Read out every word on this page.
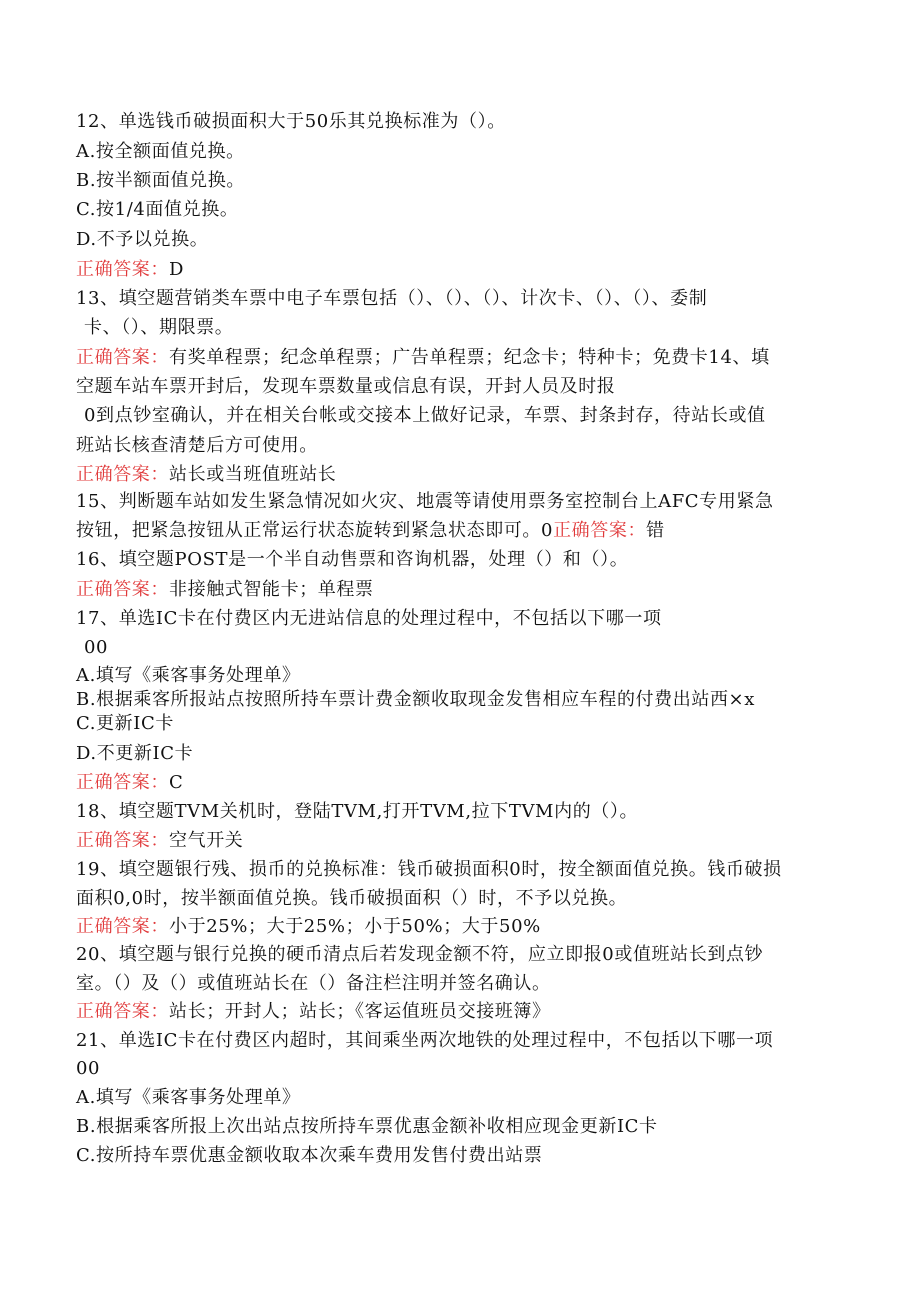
12、单选钱币破损面积大于50乐其兑换标准为（）。
A.按全额面值兑换。
B.按半额面值兑换。
C.按1/4面值兑换。
D.不予以兑换。
正确答案：D
13、填空题营销类车票中电子车票包括（）、（）、（）、计次卡、（）、（）、委制
卡、（）、期限票。
正确答案：有奖单程票；纪念单程票；广告单程票；纪念卡；特种卡；免费卡14、填
空题车站车票开封后，发现车票数量或信息有误，开封人员及时报
0到点钞室确认，并在相关台帐或交接本上做好记录，车票、封条封存，待站长或值
班站长核查清楚后方可使用。
正确答案：站长或当班值班站长
15、判断题车站如发生紧急情况如火灾、地震等请使用票务室控制台上AFC专用紧急
按钮，把紧急按钮从正常运行状态旋转到紧急状态即可。0正确答案：错
16、填空题POST是一个半自动售票和咨询机器，处理（）和（）。
正确答案：非接触式智能卡；单程票
17、单选IC卡在付费区内无进站信息的处理过程中，不包括以下哪一项
00
A.填写《乘客事务处理单》
B.根据乘客所报站点按照所持车票计费金额收取现金发售相应车程的付费出站西×x
C.更新IC卡
D.不更新IC卡
正确答案：C
18、填空题TVM关机时，登陆TVM,打开TVM,拉下TVM内的（）。
正确答案：空气开关
19、填空题银行残、损币的兑换标准：钱币破损面积0时，按全额面值兑换。钱币破损
面积0,0时，按半额面值兑换。钱币破损面积（）时，不予以兑换。
正确答案：小于25%；大于25%；小于50%；大于50%
20、填空题与银行兑换的硬币清点后若发现金额不符，应立即报0或值班站长到点钞
室。（）及（）或值班站长在（）备注栏注明并签名确认。
正确答案：站长；开封人；站长；《客运值班员交接班簿》
21、单选IC卡在付费区内超时，其间乘坐两次地铁的处理过程中，不包括以下哪一项
00
A.填写《乘客事务处理单》
B.根据乘客所报上次出站点按所持车票优惠金额补收相应现金更新IC卡
C.按所持车票优惠金额收取本次乘车费用发售付费出站票
